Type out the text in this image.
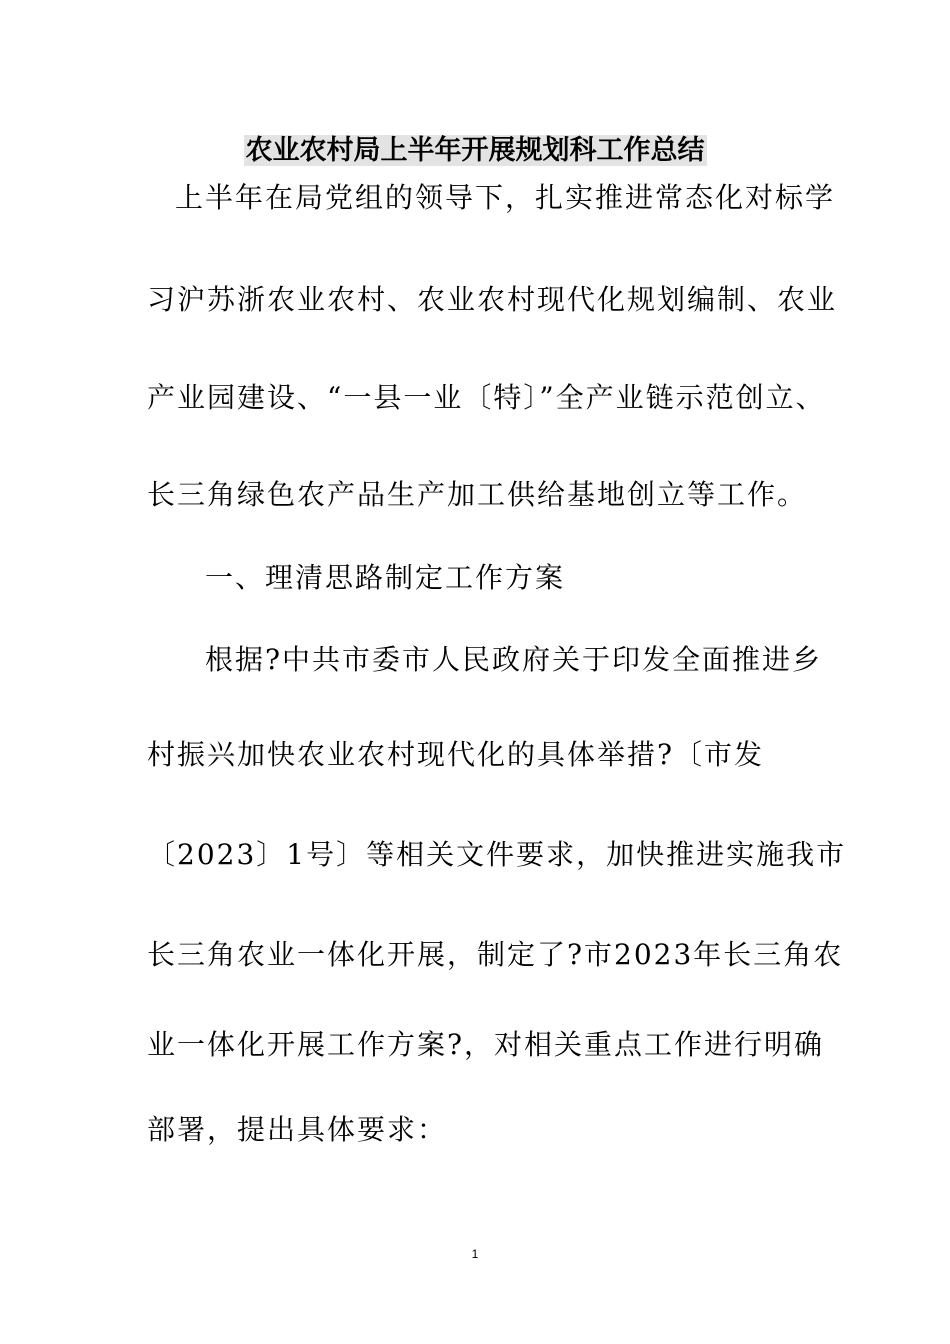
农业农村局上半年开展规划科工作总结
上半年在局党组的领导下，扎实推进常态化对标学
习沪苏浙农业农村、农业农村现代化规划编制、农业
产业园建设、“一县一业〔特〕”全产业链示范创立、
长三角绿色农产品生产加工供给基地创立等工作。
一、理清思路制定工作方案
根据?中共市委市人民政府关于印发全面推进乡
村振兴加快农业农村现代化的具体举措?〔市发
〔2023〕1号〕等相关文件要求，加快推进实施我市
长三角农业一体化开展，制定了?市2023年长三角农
业一体化开展工作方案?，对相关重点工作进行明确
部署，提出具体要求：
1
